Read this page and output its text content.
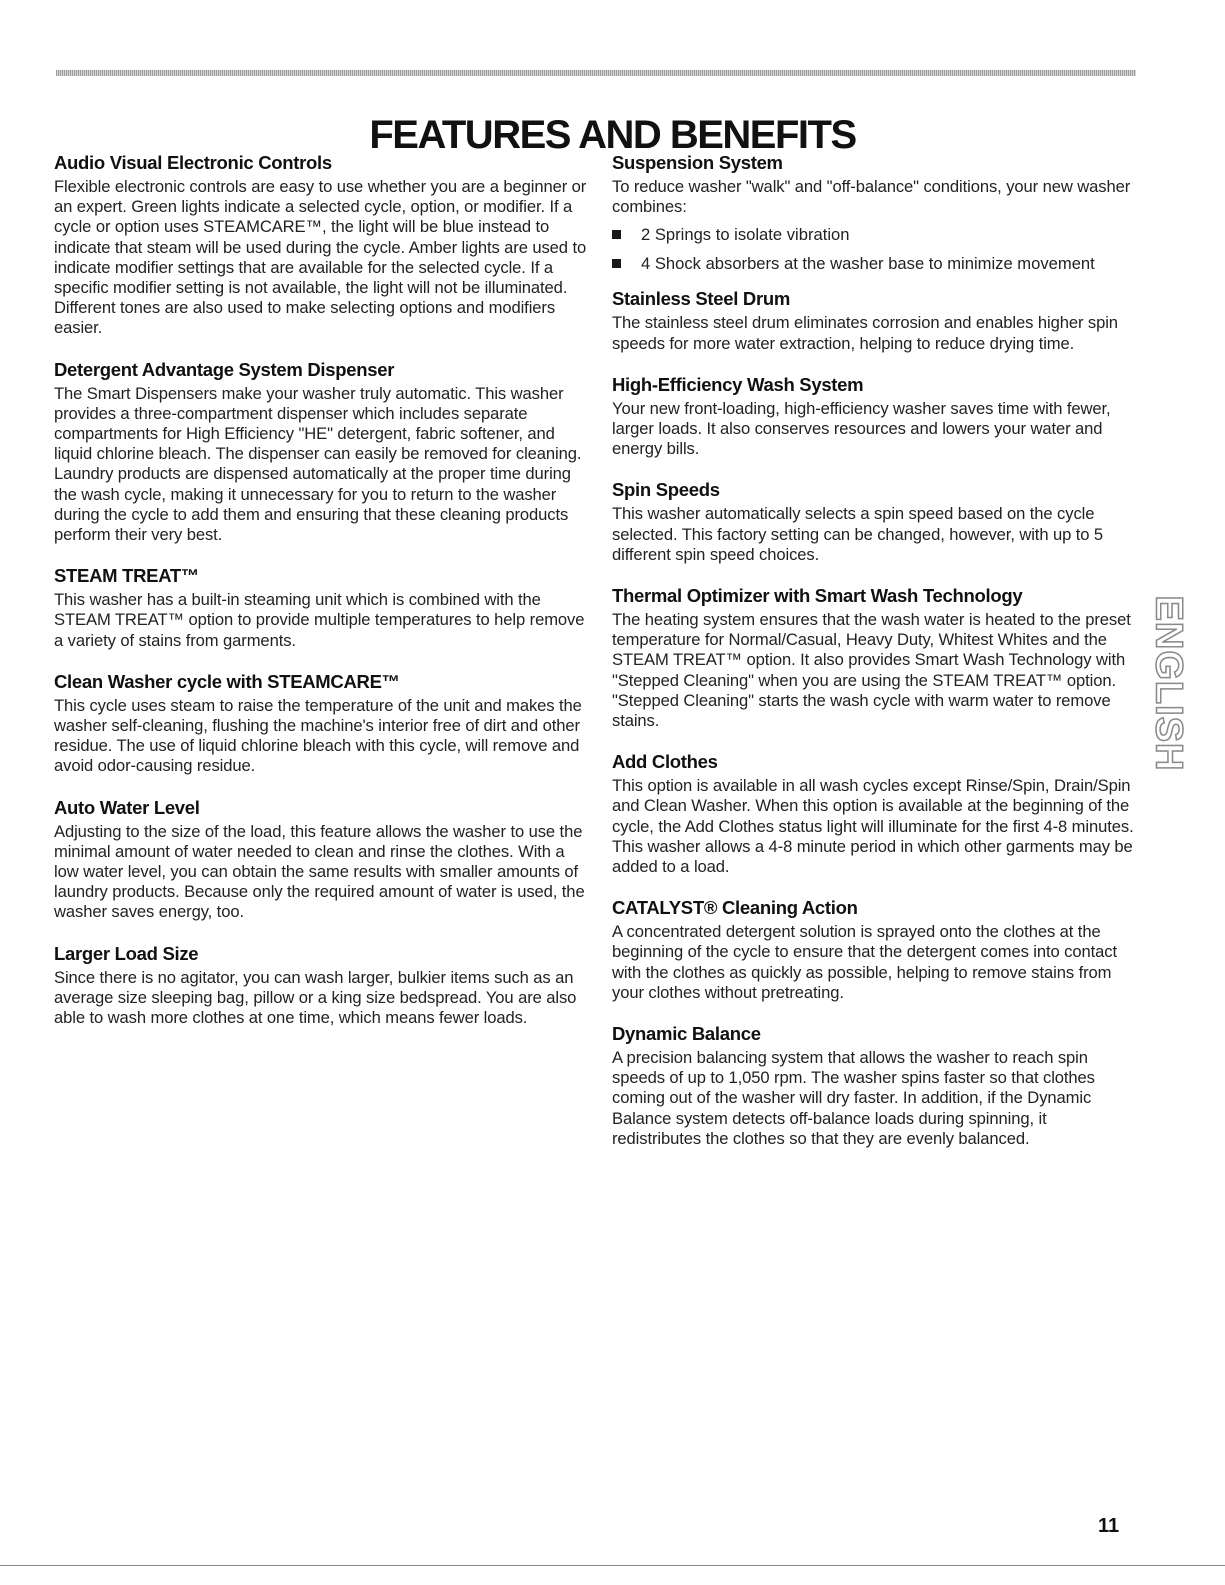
FEATURES AND BENEFITS
Audio Visual Electronic Controls

Flexible electronic controls are easy to use whether you are a beginner or an expert. Green lights indicate a selected cycle, option, or modifier. If a cycle or option uses STEAMCARE™, the light will be blue instead to indicate that steam will be used during the cycle. Amber lights are used to indicate modifier settings that are available for the selected cycle. If a specific modifier setting is not available, the light will not be illuminated. Different tones are also used to make selecting options and modifiers easier.

Detergent Advantage System Dispenser

The Smart Dispensers make your washer truly automatic. This washer provides a three-compartment dispenser which includes separate compartments for High Efficiency "HE" detergent, fabric softener, and liquid chlorine bleach. The dispenser can easily be removed for cleaning. Laundry products are dispensed automatically at the proper time during the wash cycle, making it unnecessary for you to return to the washer during the cycle to add them and ensuring that these cleaning products perform their very best.

STEAM TREAT™

This washer has a built-in steaming unit which is combined with the STEAM TREAT™ option to provide multiple temperatures to help remove a variety of stains from garments.

Clean Washer cycle with STEAMCARE™

This cycle uses steam to raise the temperature of the unit and makes the washer self-cleaning, flushing the machine's interior free of dirt and other residue. The use of liquid chlorine bleach with this cycle, will remove and avoid odor-causing residue.

Auto Water Level

Adjusting to the size of the load, this feature allows the washer to use the minimal amount of water needed to clean and rinse the clothes. With a low water level, you can obtain the same results with smaller amounts of laundry products. Because only the required amount of water is used, the washer saves energy, too.

Larger Load Size

Since there is no agitator, you can wash larger, bulkier items such as an average size sleeping bag, pillow or a king size bedspread. You are also able to wash more clothes at one time, which means fewer loads.

Suspension System

To reduce washer "walk" and "off-balance" conditions, your new washer combines:

2 Springs to isolate vibration
4 Shock absorbers at the washer base to minimize movement
Stainless Steel Drum

The stainless steel drum eliminates corrosion and enables higher spin speeds for more water extraction, helping to reduce drying time.

High-Efficiency Wash System

Your new front-loading, high-efficiency washer saves time with fewer, larger loads. It also conserves resources and lowers your water and energy bills.

Spin Speeds

This washer automatically selects a spin speed based on the cycle selected. This factory setting can be changed, however, with up to 5 different spin speed choices.

Thermal Optimizer with Smart Wash Technology

The heating system ensures that the wash water is heated to the preset temperature for Normal/Casual, Heavy Duty, Whitest Whites and the STEAM TREAT™ option. It also provides Smart Wash Technology with "Stepped Cleaning" when you are using the STEAM TREAT™ option. "Stepped Cleaning" starts the wash cycle with warm water to remove stains.

Add Clothes

This option is available in all wash cycles except Rinse/Spin, Drain/Spin and Clean Washer. When this option is available at the beginning of the cycle, the Add Clothes status light will illuminate for the first 4-8 minutes. This washer allows a 4-8 minute period in which other garments may be added to a load.

CATALYST® Cleaning Action

A concentrated detergent solution is sprayed onto the clothes at the beginning of the cycle to ensure that the detergent comes into contact with the clothes as quickly as possible, helping to remove stains from your clothes without pretreating.

Dynamic Balance

A precision balancing system that allows the washer to reach spin speeds of up to 1,050 rpm. The washer spins faster so that clothes coming out of the washer will dry faster. In addition, if the Dynamic Balance system detects off-balance loads during spinning, it redistributes the clothes so that they are evenly balanced.

ENGLISH
11
